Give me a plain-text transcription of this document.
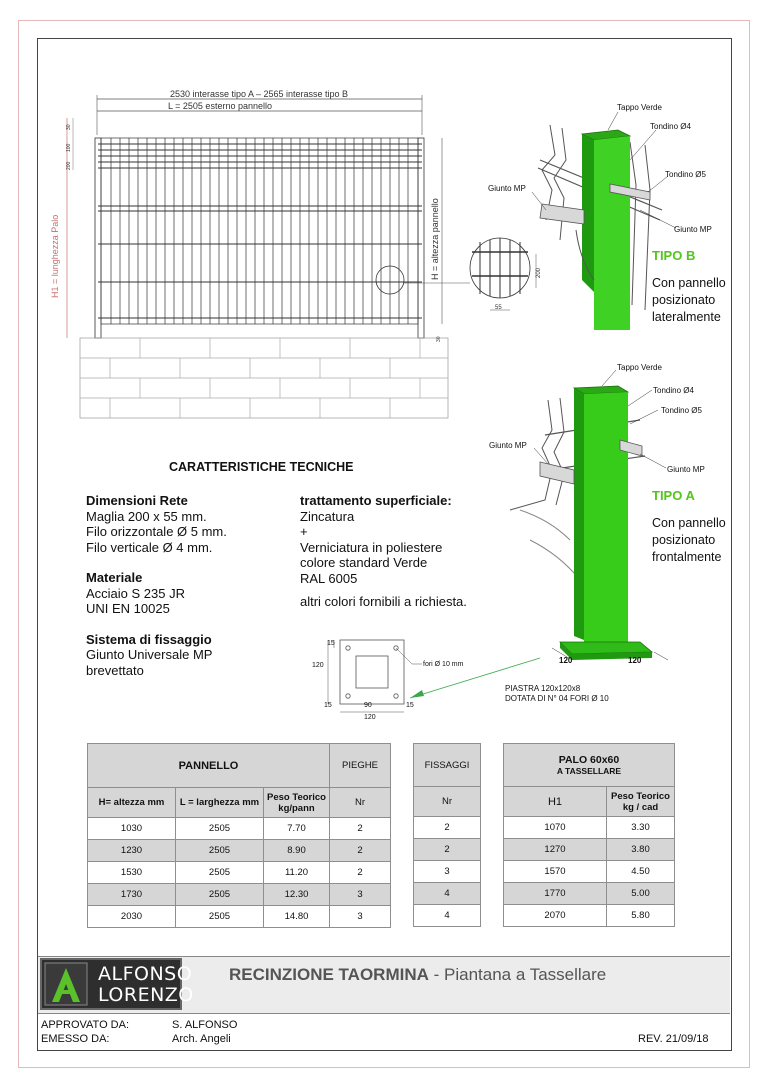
2530 interasse tipo A – 2565 interasse tipo B
L = 2505 esterno pannello
H1 = lunghezza Palo
30
100
200
H = altezza pannello
30
200
55
Tappo Verde
Tondino Ø4
Tondino Ø5
Giunto MP
Giunto MP
TIPO B
Con pannello
posizionato
lateralmente
Tappo Verde
Tondino Ø4
Tondino Ø5
Giunto MP
Giunto MP
TIPO A
Con pannello
posizionato
frontalmente
120	120
15
120	fori Ø 10 mm
15	90	15
120
PIASTRA 120x120x8
DOTATA DI N° 04 FORI Ø 10
CARATTERISTICHE TECNICHE
Dimensioni Rete
Maglia 200 x 55 mm.
Filo orizzontale Ø 5 mm.
Filo verticale Ø 4 mm.
Materiale
Acciaio S 235 JR
UNI EN 10025
Sistema di fissaggio
Giunto Universale MP
brevettato
trattamento superficiale:
Zincatura
+
Verniciatura in poliestere
colore standard Verde
RAL 6005
altri colori fornibili a richiesta.
PANNELLO			PIEGHE
H= altezza mm	L = larghezza mm	Peso Teorico kg/pann	Nr
1030	2505	7.70	2
1230	2505	8.90	2
1530	2505	11.20	2
1730	2505	12.30	3
2030	2505	14.80	3
FISSAGGI
Nr
2
2
3
4
4
PALO 60x60
A TASSELLARE	

H1	Peso Teorico kg / cad
1070	3.30
1270	3.80
1570	4.50
1770	5.00
2070	5.80
ALFONSO
LORENZO
RECINZIONE TAORMINA - Piantana a Tassellare
APPROVATO DA:	S. ALFONSO
EMESSO DA:	Arch. Angeli	REV. 21/09/18
